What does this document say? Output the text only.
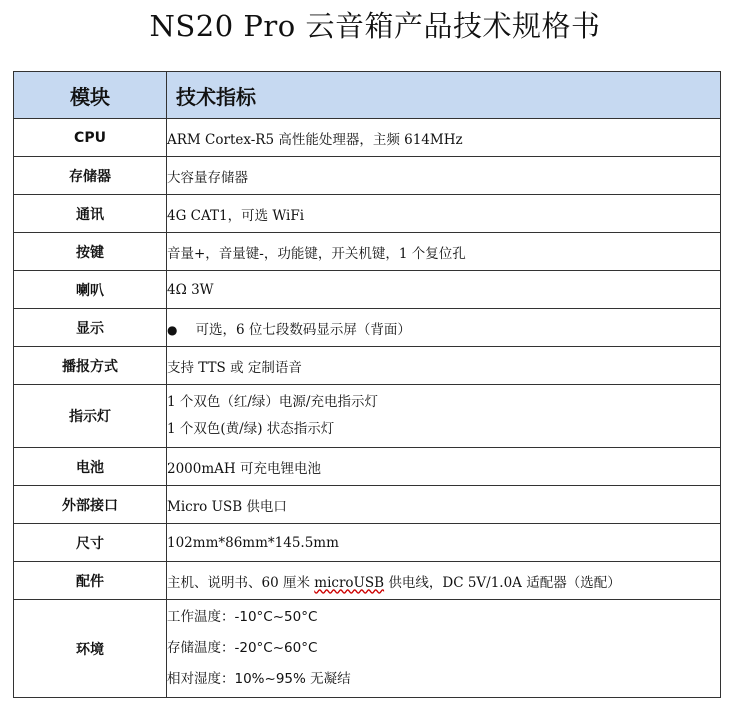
NS20 Pro 云音箱产品技术规格书
模块	技术指标
CPU	ARM Cortex-R5 高性能处理器，主频 614MHz
存储器	大容量存储器
通讯	4G CAT1，可选 WiFi
按键	音量+，音量键-，功能键，开关机键，1 个复位孔
喇叭	4Ω 3W
显示	● 可选，6 位七段数码显示屏（背面）
播报方式	支持 TTS 或 定制语音
指示灯	1 个双色（红/绿）电源/充电指示灯
1 个双色(黄/绿) 状态指示灯

电池	2000mAH 可充电锂电池
外部接口	Micro USB 供电口
尺寸	102mm*86mm*145.5mm
配件	主机、说明书、60 厘米 microUSB 供电线，DC 5V/1.0A 适配器（选配）
环境	工作温度：-10°C~50°C
存储温度：-20°C~60°C
相对湿度：10%~95% 无凝结
